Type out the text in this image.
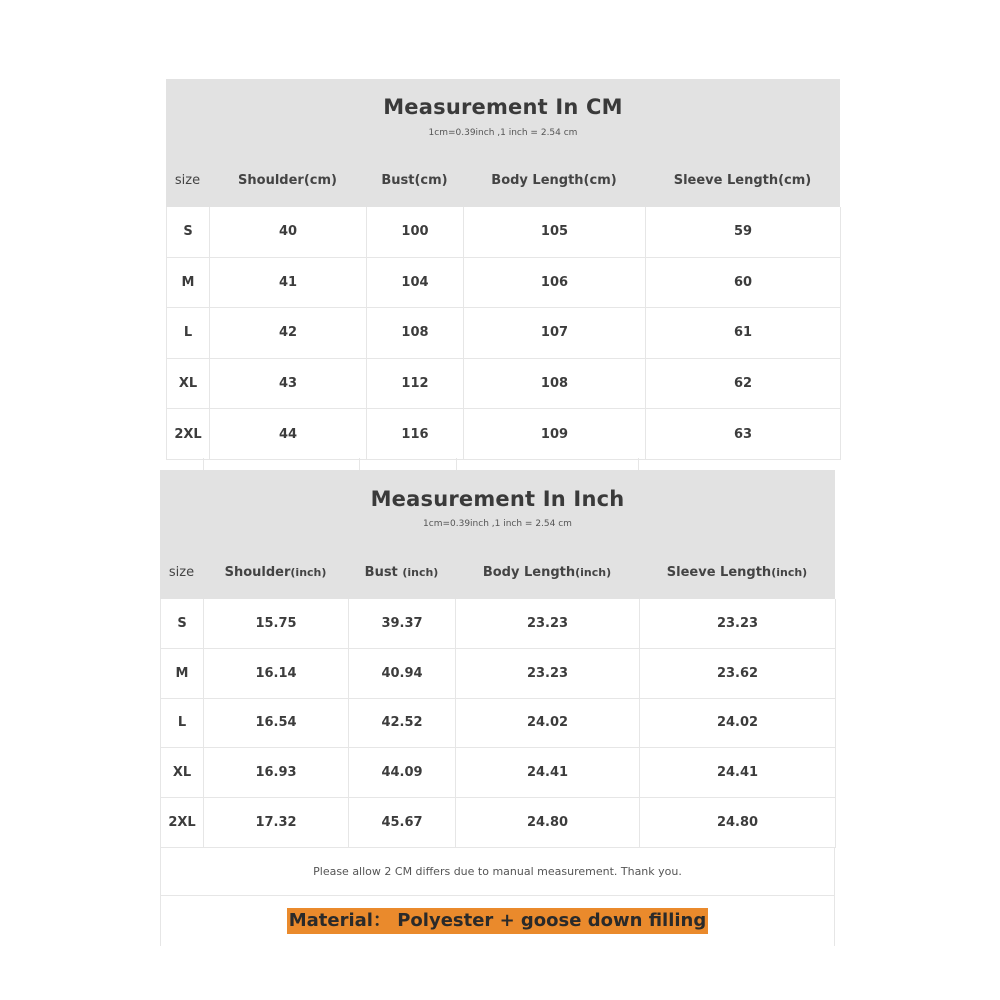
Measurement In CM
1cm=0.39inch ,1 inch = 2.54 cm
size	Shoulder(cm)	Bust(cm)	Body Length(cm)	Sleeve Length(cm)
S	40	100	105	59
M	41	104	106	60
L	42	108	107	61
XL	43	112	108	62
2XL	44	116	109	63
Measurement In Inch
1cm=0.39inch ,1 inch = 2.54 cm
size	Shoulder(inch)	Bust (inch)	Body Length(inch)	Sleeve Length(inch)
S	15.75	39.37	23.23	23.23
M	16.14	40.94	23.23	23.62
L	16.54	42.52	24.02	24.02
XL	16.93	44.09	24.41	24.41
2XL	17.32	45.67	24.80	24.80
Please allow 2 CM differs due to manual measurement. Thank you.
Material： Polyester + goose down filling
